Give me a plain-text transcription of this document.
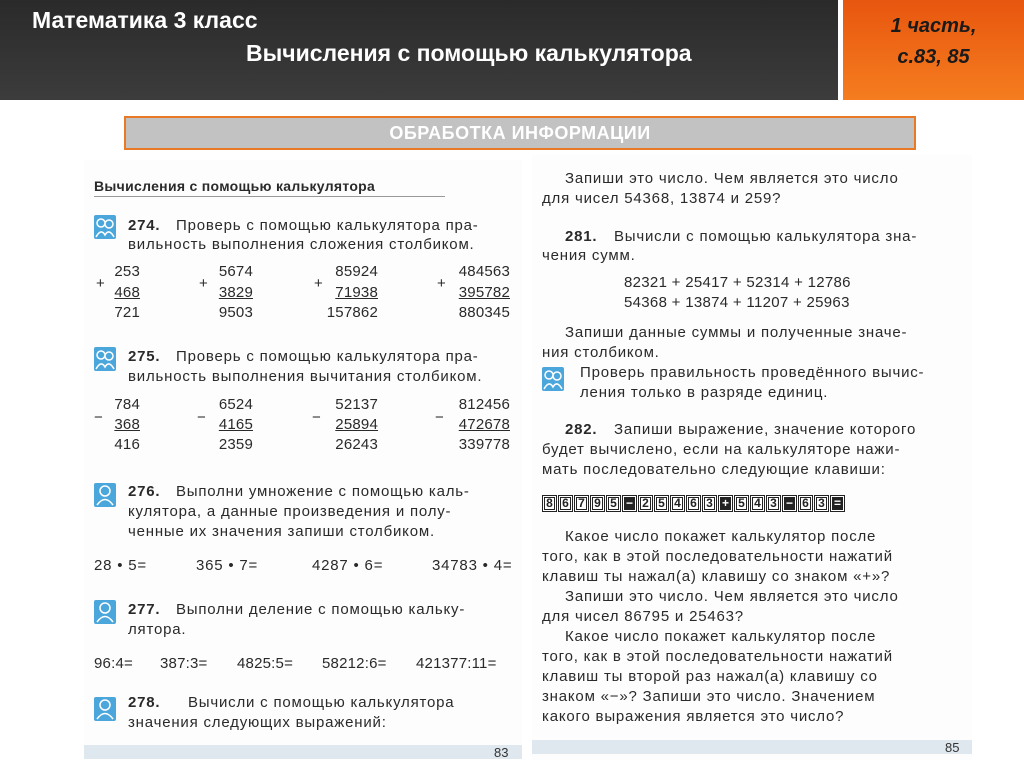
Математика 3 класс
Вычисления с помощью калькулятора
1 часть,
с.83, 85
ОБРАБОТКА ИНФОРМАЦИИ
Вычисления с помощью калькулятора
274. Проверь с помощью калькулятора пра-
вильность выполнения сложения столбиком.
+
253
468
721
+
5674
3829
9503
+
85924
71938
157862
+
484563
395782
880345
275. Проверь с помощью калькулятора пра-
вильность выполнения вычитания столбиком.
−
784
368
416
−
6524
4165
2359
−
52137
25894
26243
−
812456
472678
339778
276. Выполни умножение с помощью каль-
кулятора, а данные произведения и полу-
ченные их значения запиши столбиком.
28 • 5=	365 • 7=	4287 • 6=	34783 • 4=
277. Выполни деление с помощью кальку-
лятора.
96:4= 387:3= 4825:5= 58212:6= 421377:11=
278. Вычисли с помощью калькулятора
значения следующих выражений:
83
Запиши это число. Чем является это число
для чисел 54368, 13874 и 259?
281. Вычисли с помощью калькулятора зна-
чения сумм.
82321 + 25417 + 52314 + 12786
54368 + 13874 + 11207 + 25963
Запиши данные суммы и полученные значе-
ния столбиком.
Проверь правильность проведённого вычис-
ления только в разряде единиц.
282. Запиши выражение, значение которого
будет вычислено, если на калькуляторе нажи-
мать последовательно следующие клавиши:
8 6 7 9 5 − 2 5 4 6 3 + 5 4 3 − 6 3 =
Какое число покажет калькулятор после
того, как в этой последовательности нажатий
клавиш ты нажал(а) клавишу со знаком «+»?
Запиши это число. Чем является это число
для чисел 86795 и 25463?
Какое число покажет калькулятор после
того, как в этой последовательности нажатий
клавиш ты второй раз нажал(а) клавишу со
знаком «−»? Запиши это число. Значением
какого выражения является это число?
85
